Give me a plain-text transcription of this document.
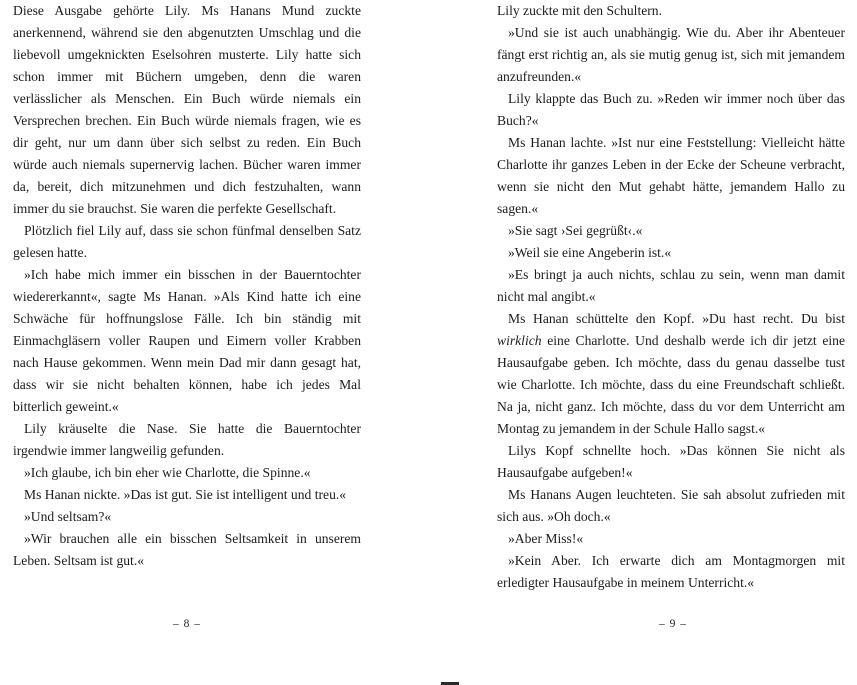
Diese Ausgabe gehörte Lily. Ms Hanans Mund zuckte anerkennend, während sie den abgenutzten Umschlag und die liebevoll umgeknickten Eselsohren musterte. Lily hatte sich schon immer mit Büchern umgeben, denn die waren verlässlicher als Menschen. Ein Buch würde niemals ein Versprechen brechen. Ein Buch würde niemals fragen, wie es dir geht, nur um dann über sich selbst zu reden. Ein Buch würde auch niemals supernervig lachen. Bücher waren immer da, bereit, dich mitzunehmen und dich festzuhalten, wann immer du sie brauchst. Sie waren die perfekte Gesellschaft.

Plötzlich fiel Lily auf, dass sie schon fünfmal denselben Satz gelesen hatte.

»Ich habe mich immer ein bisschen in der Bauerntochter wiedererkannt«, sagte Ms Hanan. »Als Kind hatte ich eine Schwäche für hoffnungslose Fälle. Ich bin ständig mit Einmachgläsern voller Raupen und Eimern voller Krabben nach Hause gekommen. Wenn mein Dad mir dann gesagt hat, dass wir sie nicht behalten können, habe ich jedes Mal bitterlich geweint.«

Lily kräuselte die Nase. Sie hatte die Bauerntochter irgendwie immer langweilig gefunden.

»Ich glaube, ich bin eher wie Charlotte, die Spinne.«

Ms Hanan nickte. »Das ist gut. Sie ist intelligent und treu.«

»Und seltsam?«

»Wir brauchen alle ein bisschen Seltsamkeit in unserem Leben. Seltsam ist gut.«

– 8 –

Lily zuckte mit den Schultern.

»Und sie ist auch unabhängig. Wie du. Aber ihr Abenteuer fängt erst richtig an, als sie mutig genug ist, sich mit jemandem anzufreunden.«

Lily klappte das Buch zu. »Reden wir immer noch über das Buch?«

Ms Hanan lachte. »Ist nur eine Feststellung: Vielleicht hätte Charlotte ihr ganzes Leben in der Ecke der Scheune verbracht, wenn sie nicht den Mut gehabt hätte, jemandem Hallo zu sagen.«

»Sie sagt ›Sei gegrüßt‹.«

»Weil sie eine Angeberin ist.«

»Es bringt ja auch nichts, schlau zu sein, wenn man damit nicht mal angibt.«

Ms Hanan schüttelte den Kopf. »Du hast recht. Du bist wirklich eine Charlotte. Und deshalb werde ich dir jetzt eine Hausaufgabe geben. Ich möchte, dass du genau dasselbe tust wie Charlotte. Ich möchte, dass du eine Freundschaft schließt. Na ja, nicht ganz. Ich möchte, dass du vor dem Unterricht am Montag zu jemandem in der Schule Hallo sagst.«

Lilys Kopf schnellte hoch. »Das können Sie nicht als Hausaufgabe aufgeben!«

Ms Hanans Augen leuchteten. Sie sah absolut zufrieden mit sich aus. »Oh doch.«

»Aber Miss!«

»Kein Aber. Ich erwarte dich am Montagmorgen mit erledigter Hausaufgabe in meinem Unterricht.«

– 9 –
